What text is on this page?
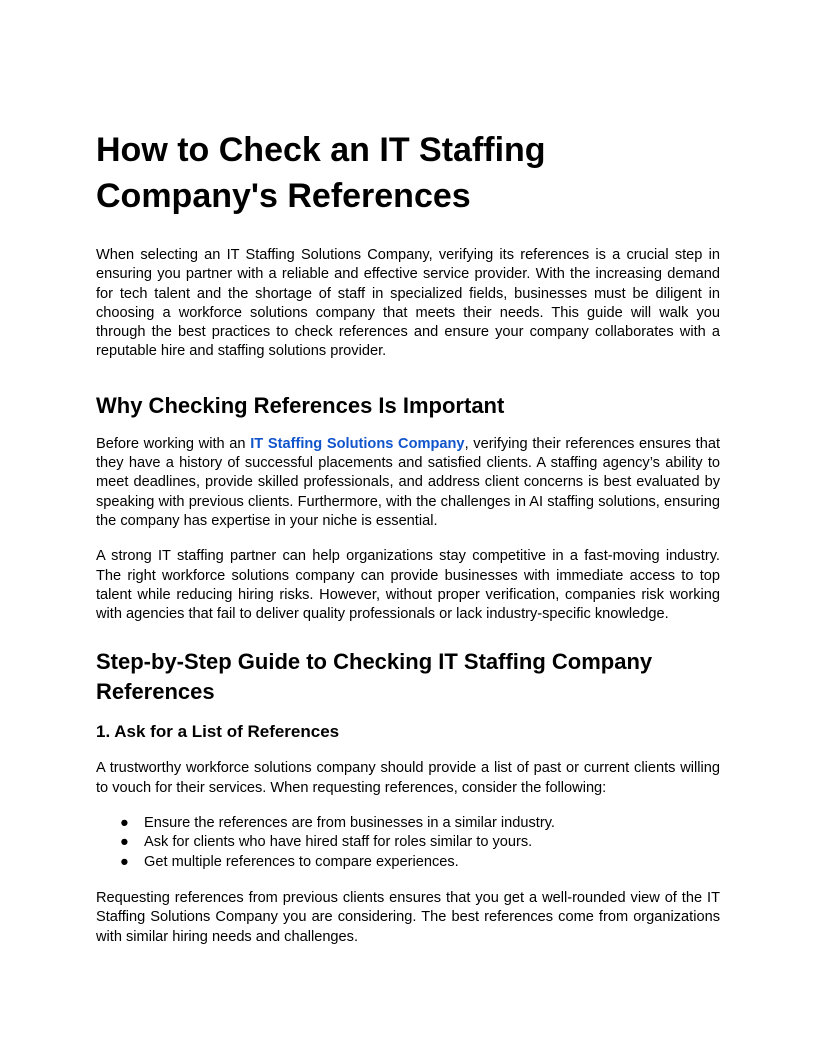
How to Check an IT Staffing Company's References

When selecting an IT Staffing Solutions Company, verifying its references is a crucial step in ensuring you partner with a reliable and effective service provider. With the increasing demand for tech talent and the shortage of staff in specialized fields, businesses must be diligent in choosing a workforce solutions company that meets their needs. This guide will walk you through the best practices to check references and ensure your company collaborates with a reputable hire and staffing solutions provider.

Why Checking References Is Important

Before working with an IT Staffing Solutions Company, verifying their references ensures that they have a history of successful placements and satisfied clients. A staffing agency’s ability to meet deadlines, provide skilled professionals, and address client concerns is best evaluated by speaking with previous clients. Furthermore, with the challenges in AI staffing solutions, ensuring the company has expertise in your niche is essential.

A strong IT staffing partner can help organizations stay competitive in a fast-moving industry. The right workforce solutions company can provide businesses with immediate access to top talent while reducing hiring risks. However, without proper verification, companies risk working with agencies that fail to deliver quality professionals or lack industry-specific knowledge.

Step-by-Step Guide to Checking IT Staffing Company References
1. Ask for a List of References

A trustworthy workforce solutions company should provide a list of past or current clients willing to vouch for their services. When requesting references, consider the following:

● Ensure the references are from businesses in a similar industry.
● Ask for clients who have hired staff for roles similar to yours.
● Get multiple references to compare experiences.

Requesting references from previous clients ensures that you get a well-rounded view of the IT Staffing Solutions Company you are considering. The best references come from organizations with similar hiring needs and challenges.
